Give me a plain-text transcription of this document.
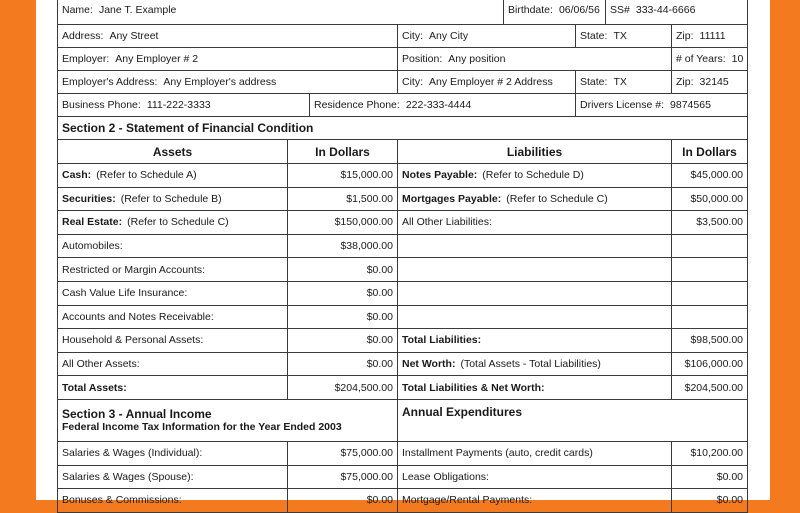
Name: Jane T. Example				Birthdate: 06/06/56		SS# 333-44-6666	
Address: Any Street			City: Any City		State: TX		Zip: 11111
Employer: Any Employer # 2			Position: Any position				# of Years: 10
Employer's Address: Any Employer's address			City: Any Employer # 2 Address		State: TX		Zip: 32145
Business Phone: 111-222-3333		Residence Phone: 222-333-4444			Drivers License #: 9874565		
Section 2 - Statement of Financial Condition							
Assets	In Dollars		Liabilities				In Dollars
Cash: (Refer to Schedule A)	$15,000.00		Notes Payable: (Refer to Schedule D)				$45,000.00
Securities: (Refer to Schedule B)	$1,500.00		Mortgages Payable: (Refer to Schedule C)				$50,000.00
Real Estate: (Refer to Schedule C)	$150,000.00		All Other Liabilities:				$3,500.00
Automobiles:	$38,000.00						
Restricted or Margin Accounts:	$0.00						
Cash Value Life Insurance:	$0.00						
Accounts and Notes Receivable:	$0.00						
Household & Personal Assets:	$0.00		Total Liabilities:				$98,500.00
All Other Assets:	$0.00		Net Worth: (Total Assets - Total Liabilities)				$106,000.00
Total Assets:	$204,500.00		Total Liabilities & Net Worth:				$204,500.00

Section 3 - Annual Income
Federal Income Tax Information for the Year Ended 2003			Annual Expenditures				
Salaries & Wages (Individual):	$75,000.00		Installment Payments (auto, credit cards)				$10,200.00
Salaries & Wages (Spouse):	$75,000.00		Lease Obligations:				$0.00
Bonuses & Commissions:	$0.00		Mortgage/Rental Payments:				$0.00
